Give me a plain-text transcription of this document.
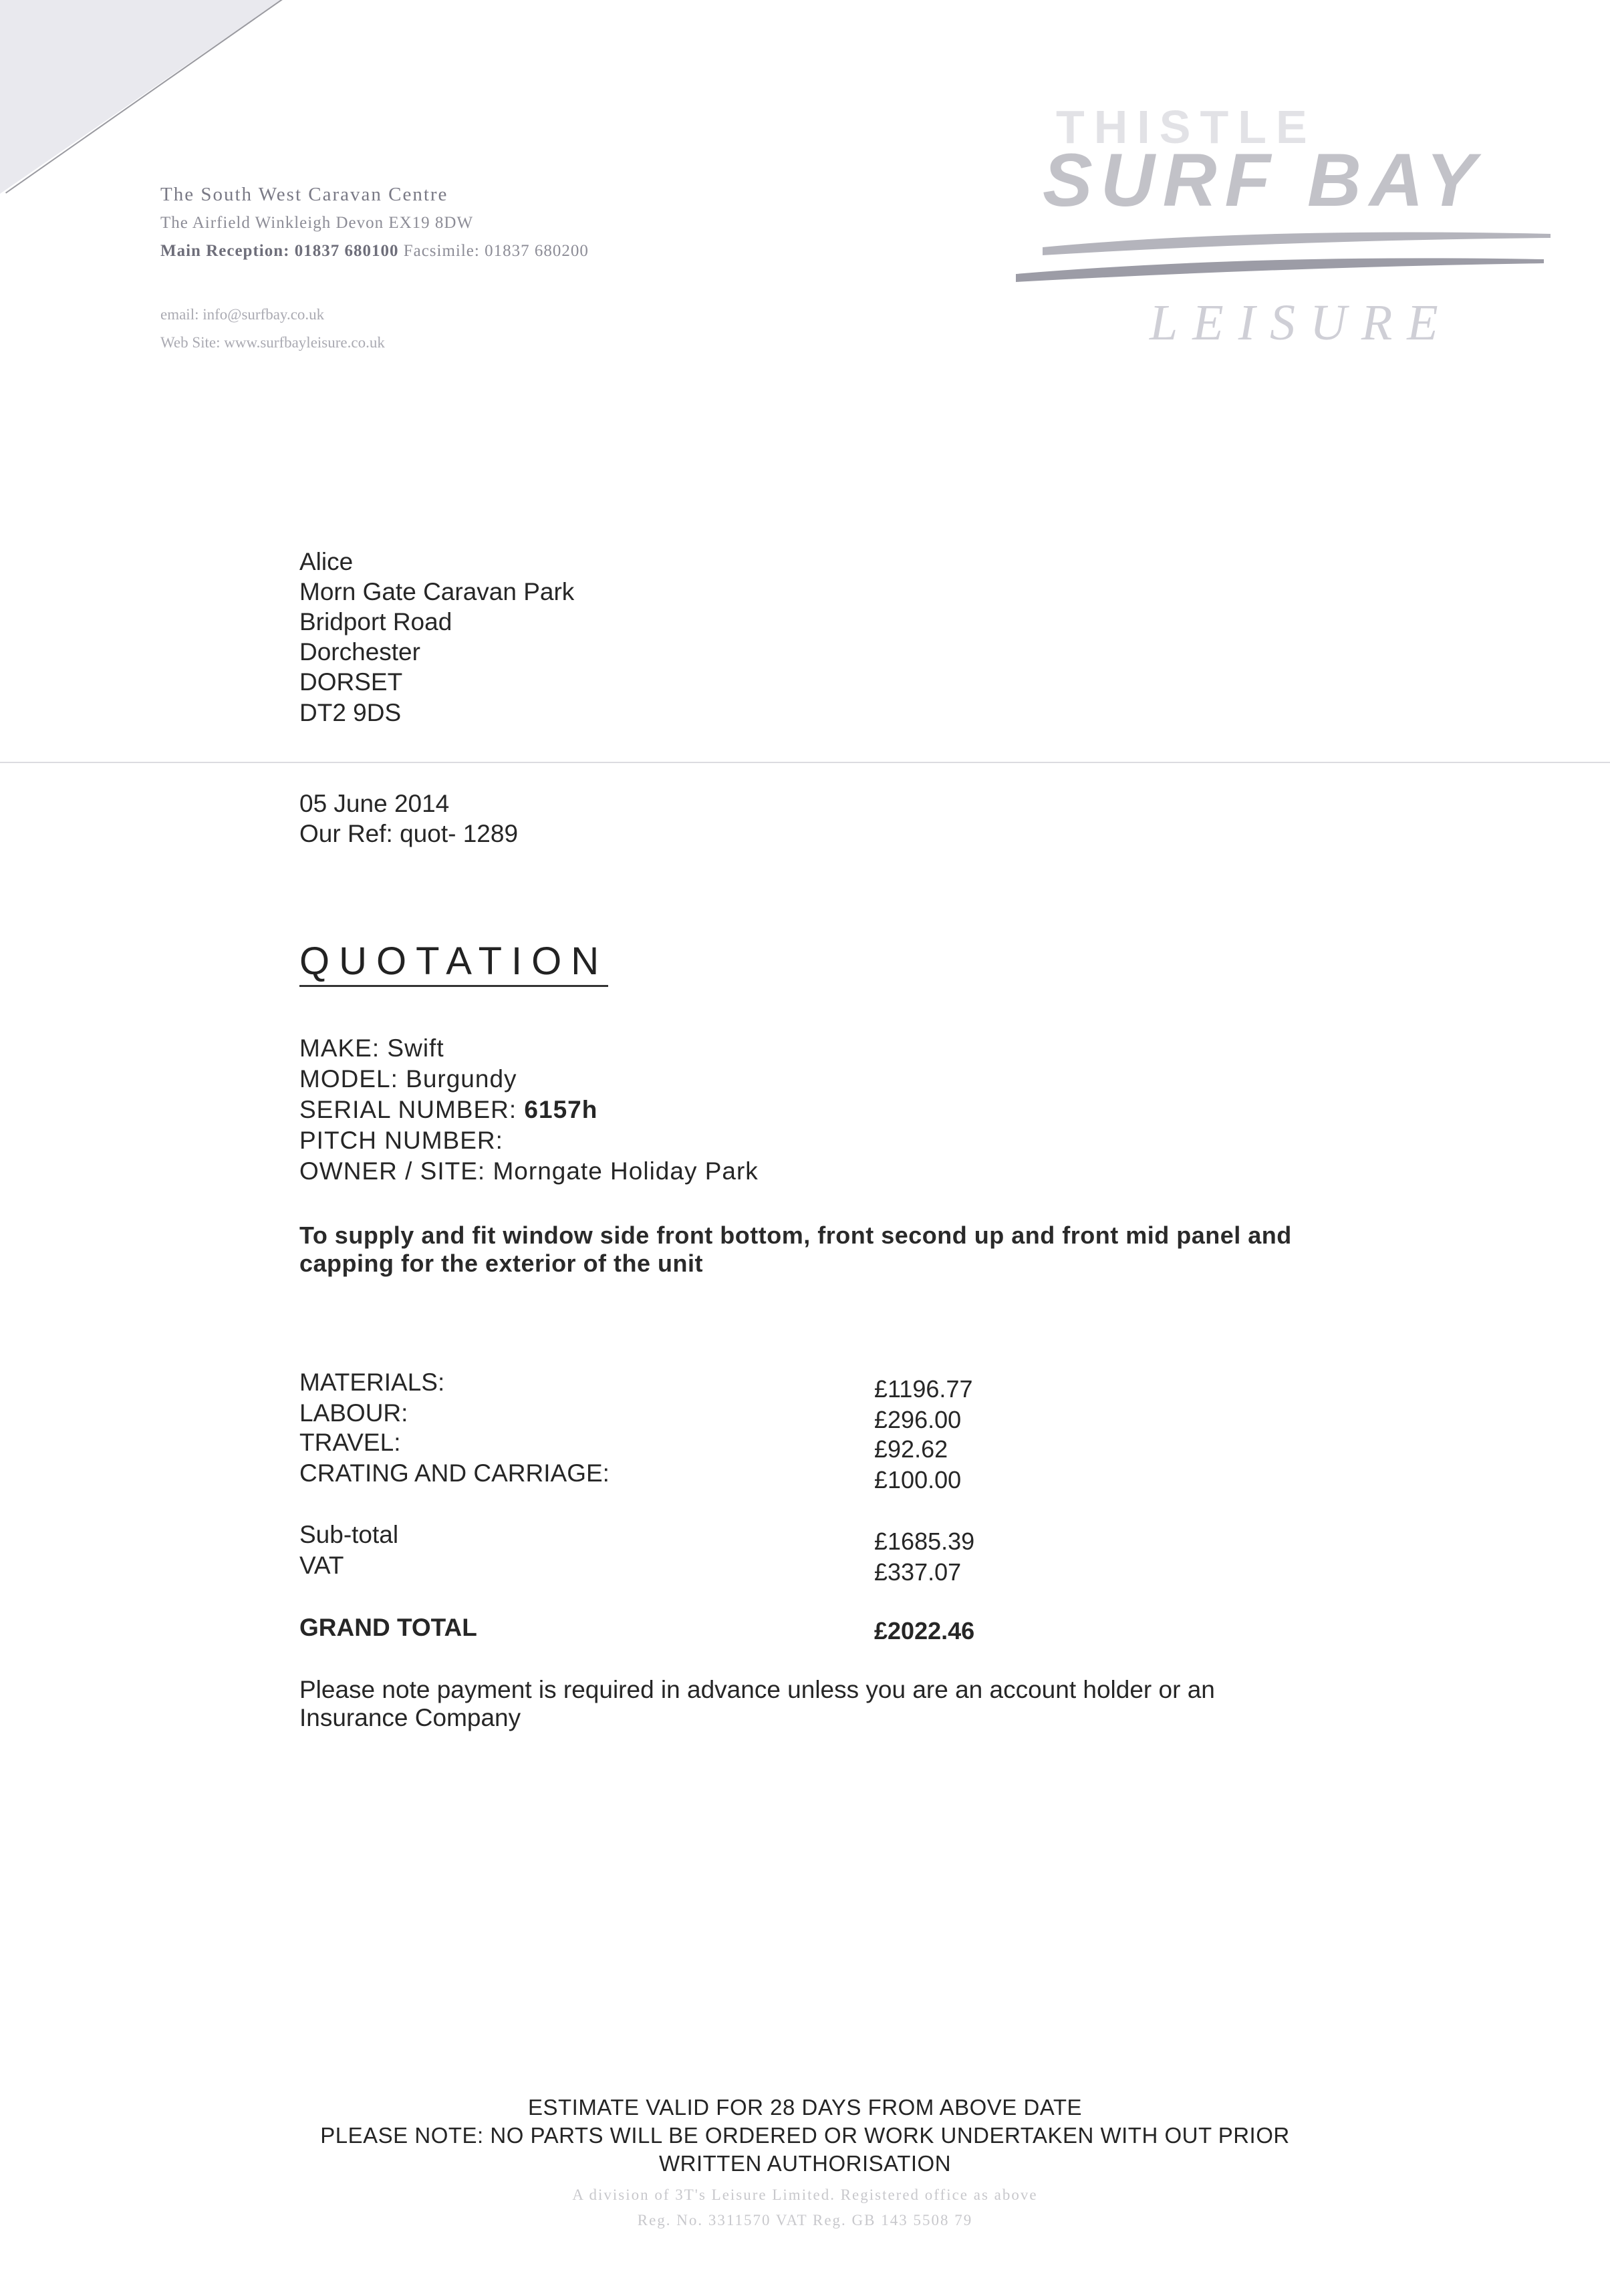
The South West Caravan Centre
The Airfield Winkleigh Devon EX19 8DW
Main Reception: 01837 680100 Facsimile: 01837 680200
email: info@surfbay.co.uk
Web Site: www.surfbayleisure.co.uk
THISTLE
SURF BAY
LEISURE
Alice
Morn Gate Caravan Park
Bridport Road
Dorchester
DORSET
DT2 9DS
05 June 2014
Our Ref: quot- 1289
QUOTATION
MAKE: Swift
MODEL: Burgundy
SERIAL NUMBER: 6157h
PITCH NUMBER:
OWNER / SITE: Morngate Holiday Park
To supply and fit window side front bottom, front second up and front mid panel and
capping for the exterior of the unit
MATERIALS:	£1196.77
LABOUR:	£296.00
TRAVEL:	£92.62
CRATING AND CARRIAGE:	£100.00
Sub-total	£1685.39
VAT	£337.07
GRAND TOTAL	£2022.46
Please note payment is required in advance unless you are an account holder or an
Insurance Company
ESTIMATE VALID FOR 28 DAYS FROM ABOVE DATE
PLEASE NOTE: NO PARTS WILL BE ORDERED OR WORK UNDERTAKEN WITH OUT PRIOR
WRITTEN AUTHORISATION
A division of 3T's Leisure Limited. Registered office as above
Reg. No. 3311570 VAT Reg. GB 143 5508 79
